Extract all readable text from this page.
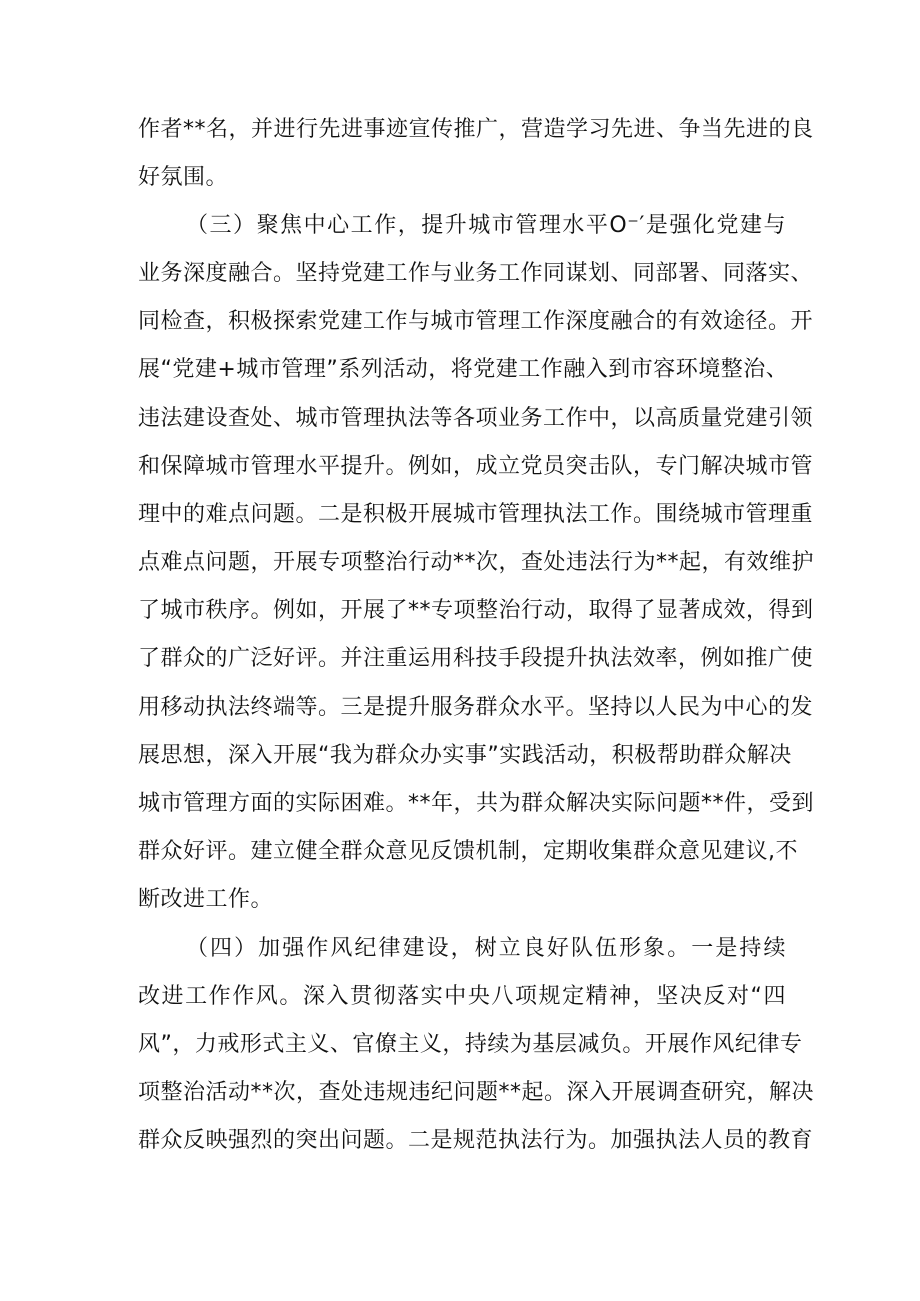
作者**名，并进行先进事迹宣传推广，营造学习先进、争当先进的良
好氛围。
（三）聚焦中心工作，提升城市管理水平O⁻′是强化党建与
业务深度融合。坚持党建工作与业务工作同谋划、同部署、同落实、
同检查，积极探索党建工作与城市管理工作深度融合的有效途径。开
展“党建+城市管理”系列活动，将党建工作融入到市容环境整治、
违法建设查处、城市管理执法等各项业务工作中，以高质量党建引领
和保障城市管理水平提升。例如，成立党员突击队，专门解决城市管
理中的难点问题。二是积极开展城市管理执法工作。围绕城市管理重
点难点问题，开展专项整治行动**次，查处违法行为**起，有效维护
了城市秩序。例如，开展了**专项整治行动，取得了显著成效，得到
了群众的广泛好评。并注重运用科技手段提升执法效率，例如推广使
用移动执法终端等。三是提升服务群众水平。坚持以人民为中心的发
展思想，深入开展“我为群众办实事”实践活动，积极帮助群众解决
城市管理方面的实际困难。**年，共为群众解决实际问题**件，受到
群众好评。建立健全群众意见反馈机制，定期收集群众意见建议,不
断改进工作。
（四）加强作风纪律建设，树立良好队伍形象。一是持续
改进工作作风。深入贯彻落实中央八项规定精神，坚决反对“四
风”，力戒形式主义、官僚主义，持续为基层减负。开展作风纪律专
项整治活动**次，查处违规违纪问题**起。深入开展调查研究，解决
群众反映强烈的突出问题。二是规范执法行为。加强执法人员的教育
